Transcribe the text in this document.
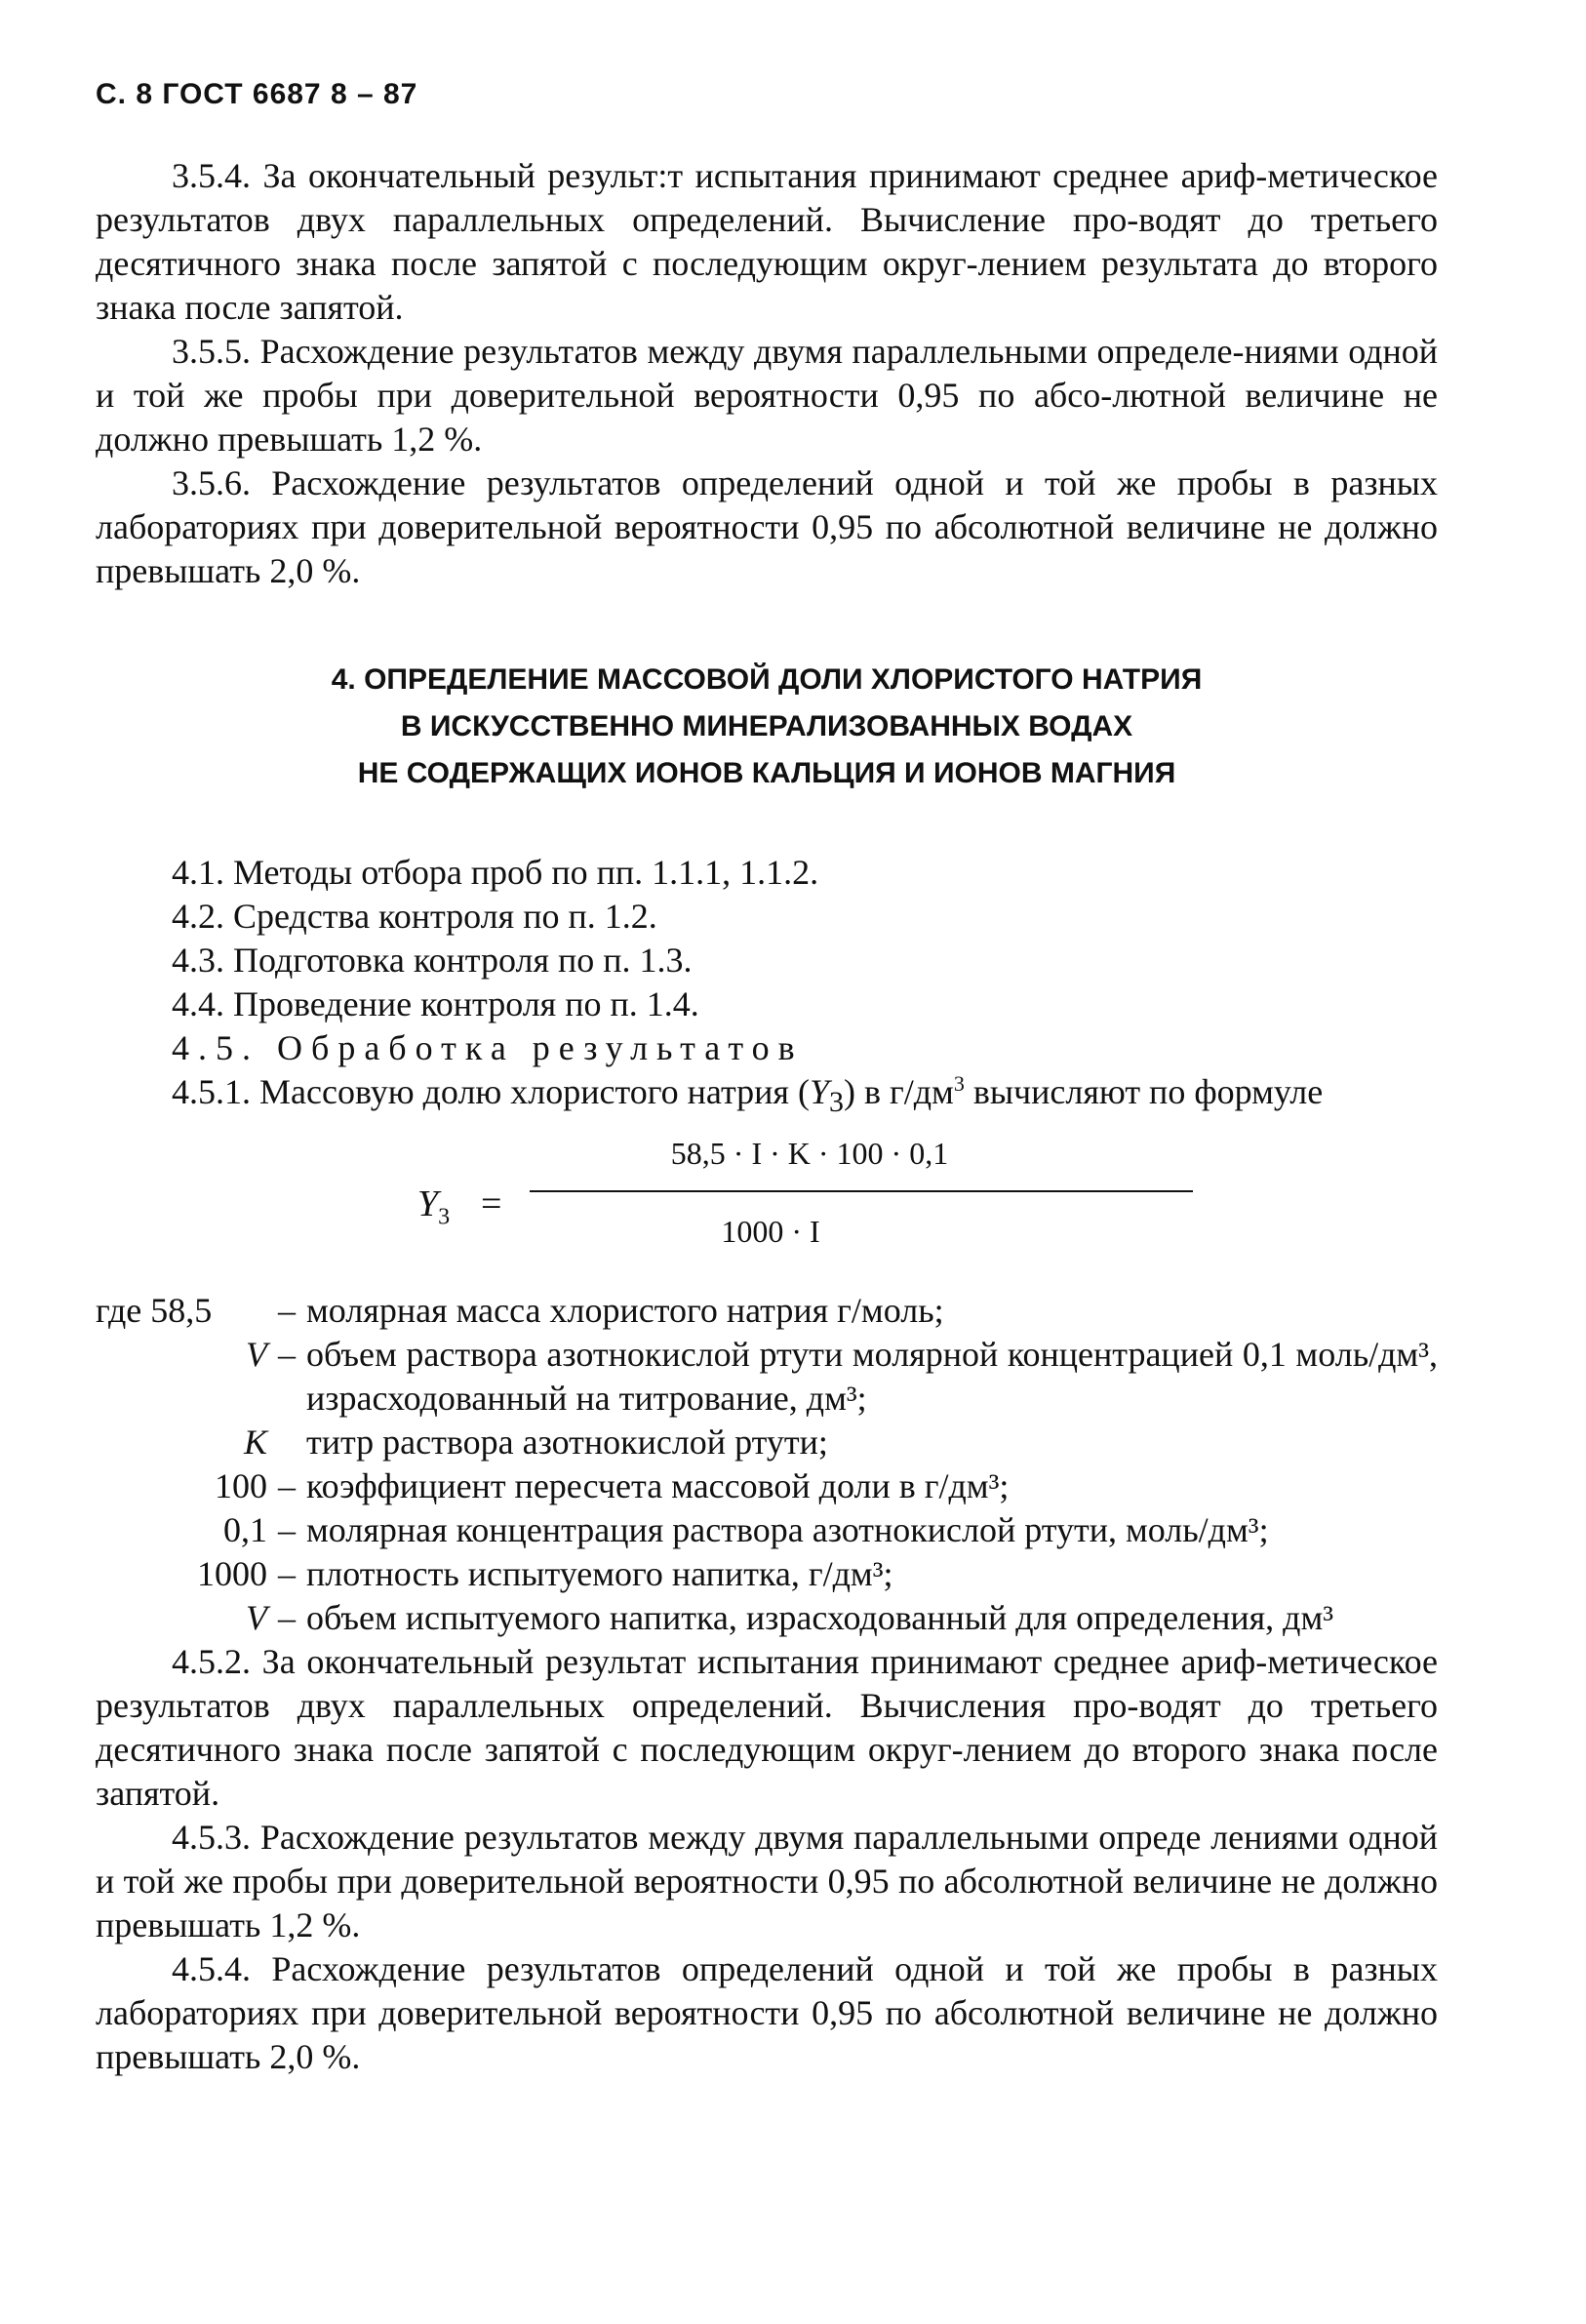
С. 8 ГОСТ 6687 8 – 87

3.5.4. За окончательный результ:т испытания принимают среднее ариф-метическое результатов двух параллельных определений. Вычисление про-водят до третьего десятичного знака после запятой с последующим округ-лением результата до второго знака после запятой.

3.5.5. Расхождение результатов между двумя параллельными определе-ниями одной и той же пробы при доверительной вероятности 0,95 по абсо-лютной величине не должно превышать 1,2 %.

3.5.6. Расхождение результатов определений одной и той же пробы в разных лабораториях при доверительной вероятности 0,95 по абсолютной величине не должно превышать 2,0 %.

4. ОПРЕДЕЛЕНИЕ МАССОВОЙ ДОЛИ ХЛОРИСТОГО НАТРИЯ
В ИСКУССТВЕННО МИНЕРАЛИЗОВАННЫХ ВОДАХ
НЕ СОДЕРЖАЩИХ ИОНОВ КАЛЬЦИЯ И ИОНОВ МАГНИЯ

4.1. Методы отбора проб по пп. 1.1.1, 1.1.2.

4.2. Средства контроля по п. 1.2.

4.3. Подготовка контроля по п. 1.3.

4.4. Проведение контроля по п. 1.4.

4.5. Обработка результатов

4.5.1. Массовую долю хлористого натрия $(Y_3)$ в $г/дм^3$ вычисляют по формуле

$Y_3$ =
58,5 · I · K · 100 · 0,1
1000 · I
где 58,5	– молярная масса хлористого натрия г/моль;
V – объем раствора азотнокислой ртути молярной концентрацией 0,1 моль/дм³, израсходованный на титрование, дм³;
K титр раствора азотнокислой ртути;
100 – коэффициент пересчета массовой доли в г/дм³;
0,1 – молярная концентрация раствора азотнокислой ртути, моль/дм³;
1000 – плотность испытуемого напитка, г/дм³;
V – объем испытуемого напитка, израсходованный для определения, дм³

4.5.2. За окончательный результат испытания принимают среднее ариф-метическое результатов двух параллельных определений. Вычисления про-водят до третьего десятичного знака после запятой с последующим округ-лением до второго знака после запятой.

4.5.3. Расхождение результатов между двумя параллельными опреде лениями одной и той же пробы при доверительной вероятности 0,95 по абсолютной величине не должно превышать 1,2 %.

4.5.4. Расхождение результатов определений одной и той же пробы в разных лабораториях при доверительной вероятности 0,95 по абсолютной величине не должно превышать 2,0 %.
